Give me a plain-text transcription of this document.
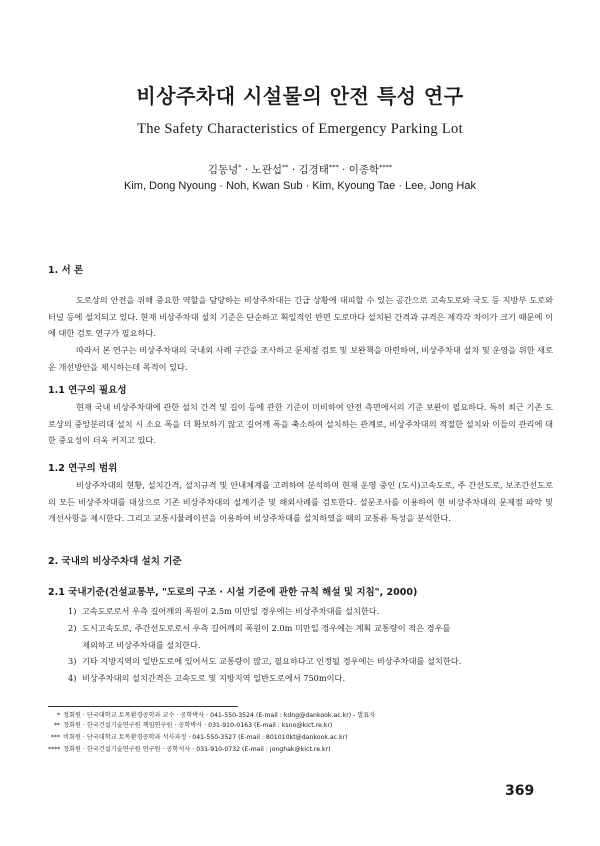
비상주차대 시설물의 안전 특성 연구
The Safety Characteristics of Emergency Parking Lot
김동녕* · 노관섭** · 김경태*** · 이종학****
Kim, Dong Nyoung · Noh, Kwan Sub · Kim, Kyoung Tae · Lee, Jong Hak
1. 서 론

도로상의 안전을 위해 중요한 역할을 담당하는 비상주차대는 긴급 상황에 대피할 수 있는 공간으로 고속도로와 국도 등 지방부 도로와 터널 등에 설치되고 있다. 현재 비상주차대 설치 기준은 단순하고 획일적인 반면 도로마다 설치된 간격과 규격은 제각각 차이가 크기 때문에 이에 대한 검토 연구가 필요하다.

따라서 본 연구는 비상주차대의 국내외 사례 구간을 조사하고 문제점 검토 및 보완책을 마련하여, 비상주차대 설치 및 운영을 위한 새로운 개선방안을 제시하는데 목적이 있다.

1.1 연구의 필요성

현재 국내 비상주차대에 관한 설치 간격 및 길이 등에 관한 기준이 미비하여 안전 측면에서의 기준 보완이 필요하다. 특히 최근 기존 도로상의 중앙분리대 설치 시 소요 폭을 더 확보하기 않고 길어깨 폭을 축소하여 설치하는 관계로, 비상주차대의 적절한 설치와 이들의 관리에 대한 중요성이 더욱 커지고 있다.

1.2 연구의 범위

비상주차대의 현황, 설치간격, 설치규격 및 안내체계를 고려하여 분석하며 현재 운영 중인 (도시)고속도로, 주 간선도로, 보조간선도로의 모든 비상주차대를 대상으로 기존 비상주차대의 설계기준 및 해외사례를 검토한다. 설문조사를 이용하여 현 비상주차대의 문제점 파악 및 개선사항을 제시한다. 그리고 교통시뮬레이션을 이용하여 비상주차대를 설치하였을 때의 교통류 특성을 분석한다.

2. 국내의 비상주차대 설치 기준
2.1 국내기준(건설교통부, "도로의 구조 · 시설 기준에 관한 규칙 해설 및 지침", 2000)
1) 고속도로로서 우측 길어깨의 폭원이 2.5m 미만일 경우에는 비상주차대를 설치한다.
2) 도시고속도로, 주간선도로로서 우측 길어깨의 폭원이 2.0m 미만일 경우에는 계획 교통량이 적은 경우를
제외하고 비상주차대를 설치한다.
3) 기타 지방지역의 일반도로에 있어서도 교통량이 많고, 필요하다고 인정될 경우에는 비상주차대를 설치한다.
4) 비상주차대의 설치간격은 고속도로 및 지방지역 일반도로에서 750m이다.
* 정회원 · 단국대학교 토목환경공학과 교수 · 공학박사 · 041-550-3524 (E-mail : kdng@dankook.ac.kr) - 발표자
** 정회원 · 한국건설기술연구원 책임연구원 · 공학박사 · 031-910-0163 (E-mail : ksno@kict.re.kr)
*** 비회원 · 단국대학교 토목환경공학과 석사과정 · 041-550-3527 (E-mail : 801010kt@dankook.ac.kr)
**** 정회원 · 한국건설기술연구원 연구원 · 공학석사 · 031-910-0732 (E-mail : jonghak@kict.re.kr)
369
